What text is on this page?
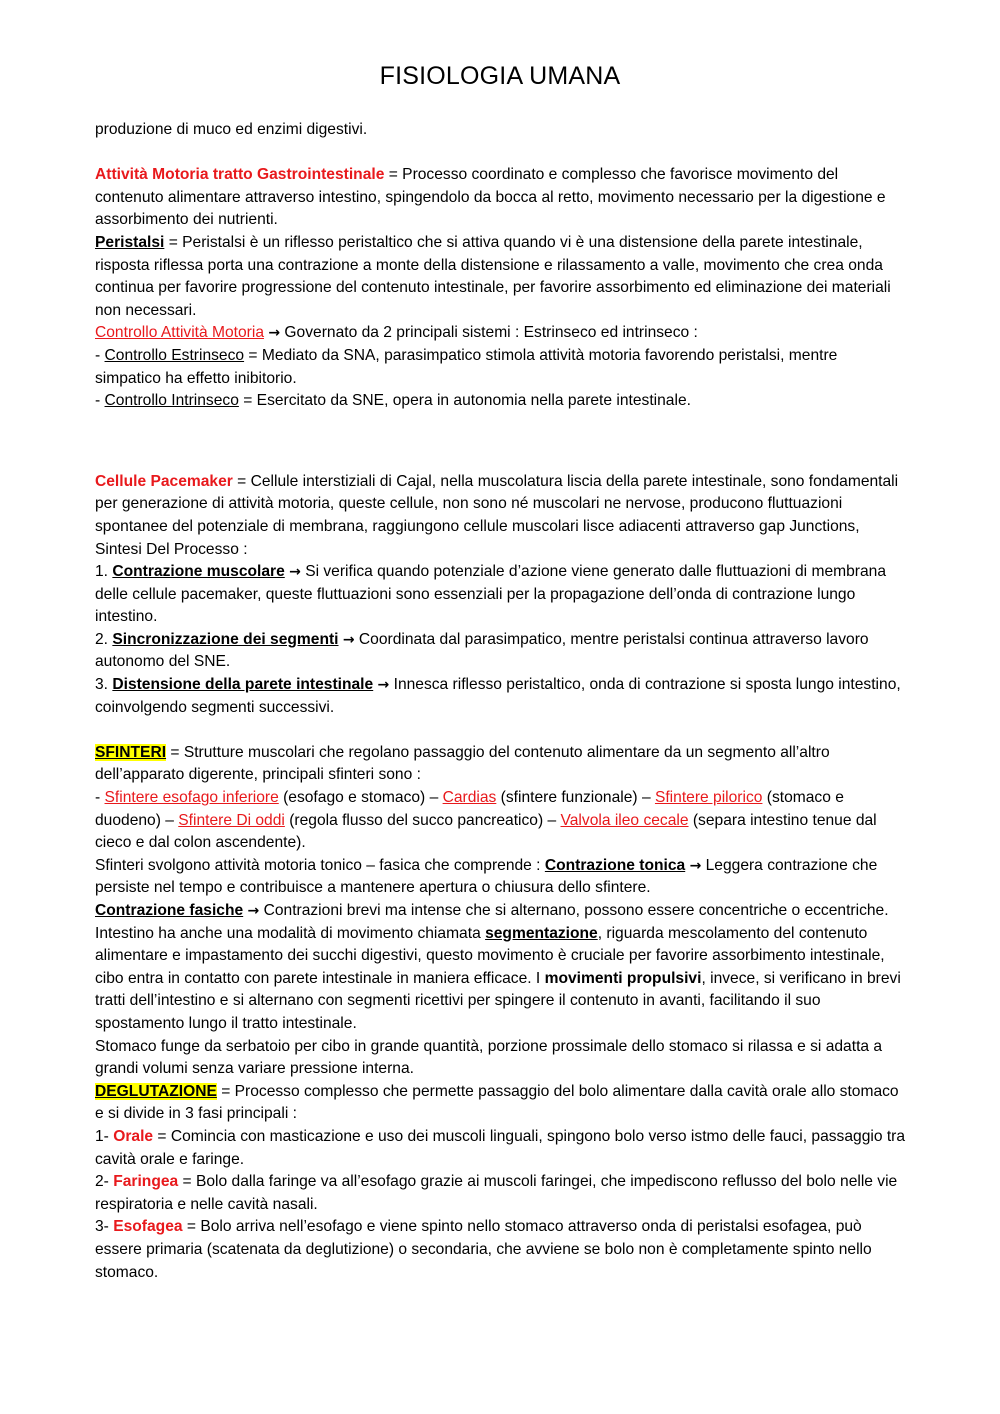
FISIOLOGIA UMANA

produzione di muco ed enzimi digestivi.

Attività Motoria tratto Gastrointestinale = Processo coordinato e complesso che favorisce movimento del contenuto alimentare attraverso intestino, spingendolo da bocca al retto, movimento necessario per la digestione e assorbimento dei nutrienti.

Peristalsi = Peristalsi è un riflesso peristaltico che si attiva quando vi è una distensione della parete intestinale, risposta riflessa porta una contrazione a monte della distensione e rilassamento a valle, movimento che crea onda continua per favorire progressione del contenuto intestinale, per favorire assorbimento ed eliminazione dei materiali non necessari.

Controllo Attività Motoria → Governato da 2 principali sistemi : Estrinseco ed intrinseco :

- Controllo Estrinseco = Mediato da SNA, parasimpatico stimola attività motoria favorendo peristalsi, mentre simpatico ha effetto inibitorio.

- Controllo Intrinseco = Esercitato da SNE, opera in autonomia nella parete intestinale.

Cellule Pacemaker = Cellule interstiziali di Cajal, nella muscolatura liscia della parete intestinale, sono fondamentali per generazione di attività motoria, queste cellule, non sono né muscolari ne nervose, producono fluttuazioni spontanee del potenziale di membrana, raggiungono cellule muscolari lisce adiacenti attraverso gap Junctions, Sintesi Del Processo :

1. Contrazione muscolare → Si verifica quando potenziale d’azione viene generato dalle fluttuazioni di membrana delle cellule pacemaker, queste fluttuazioni sono essenziali per la propagazione dell’onda di contrazione lungo intestino.

2. Sincronizzazione dei segmenti → Coordinata dal parasimpatico, mentre peristalsi continua attraverso lavoro autonomo del SNE.

3. Distensione della parete intestinale → Innesca riflesso peristaltico, onda di contrazione si sposta lungo intestino, coinvolgendo segmenti successivi.

SFINTERI = Strutture muscolari che regolano passaggio del contenuto alimentare da un segmento all’altro dell’apparato digerente, principali sfinteri sono :

- Sfintere esofago inferiore (esofago e stomaco) – Cardias (sfintere funzionale) – Sfintere pilorico (stomaco e duodeno) – Sfintere Di oddi (regola flusso del succo pancreatico) – Valvola ileo cecale (separa intestino tenue dal cieco e dal colon ascendente).

Sfinteri svolgono attività motoria tonico – fasica che comprende : Contrazione tonica → Leggera contrazione che persiste nel tempo e contribuisce a mantenere apertura o chiusura dello sfintere.

Contrazione fasiche → Contrazioni brevi ma intense che si alternano, possono essere concentriche o eccentriche.

Intestino ha anche una modalità di movimento chiamata segmentazione, riguarda mescolamento del contenuto alimentare e impastamento dei succhi digestivi, questo movimento è cruciale per favorire assorbimento intestinale, cibo entra in contatto con parete intestinale in maniera efficace. I movimenti propulsivi, invece, si verificano in brevi tratti dell’intestino e si alternano con segmenti ricettivi per spingere il contenuto in avanti, facilitando il suo spostamento lungo il tratto intestinale.

Stomaco funge da serbatoio per cibo in grande quantità, porzione prossimale dello stomaco si rilassa e si adatta a grandi volumi senza variare pressione interna.

DEGLUTAZIONE = Processo complesso che permette passaggio del bolo alimentare dalla cavità orale allo stomaco e si divide in 3 fasi principali :

1- Orale = Comincia con masticazione e uso dei muscoli linguali, spingono bolo verso istmo delle fauci, passaggio tra cavità orale e faringe.

2- Faringea = Bolo dalla faringe va all’esofago grazie ai muscoli faringei, che impediscono reflusso del bolo nelle vie respiratoria e nelle cavità nasali.

3- Esofagea = Bolo arriva nell’esofago e viene spinto nello stomaco attraverso onda di peristalsi esofagea, può essere primaria (scatenata da deglutizione) o secondaria, che avviene se bolo non è completamente spinto nello stomaco.
